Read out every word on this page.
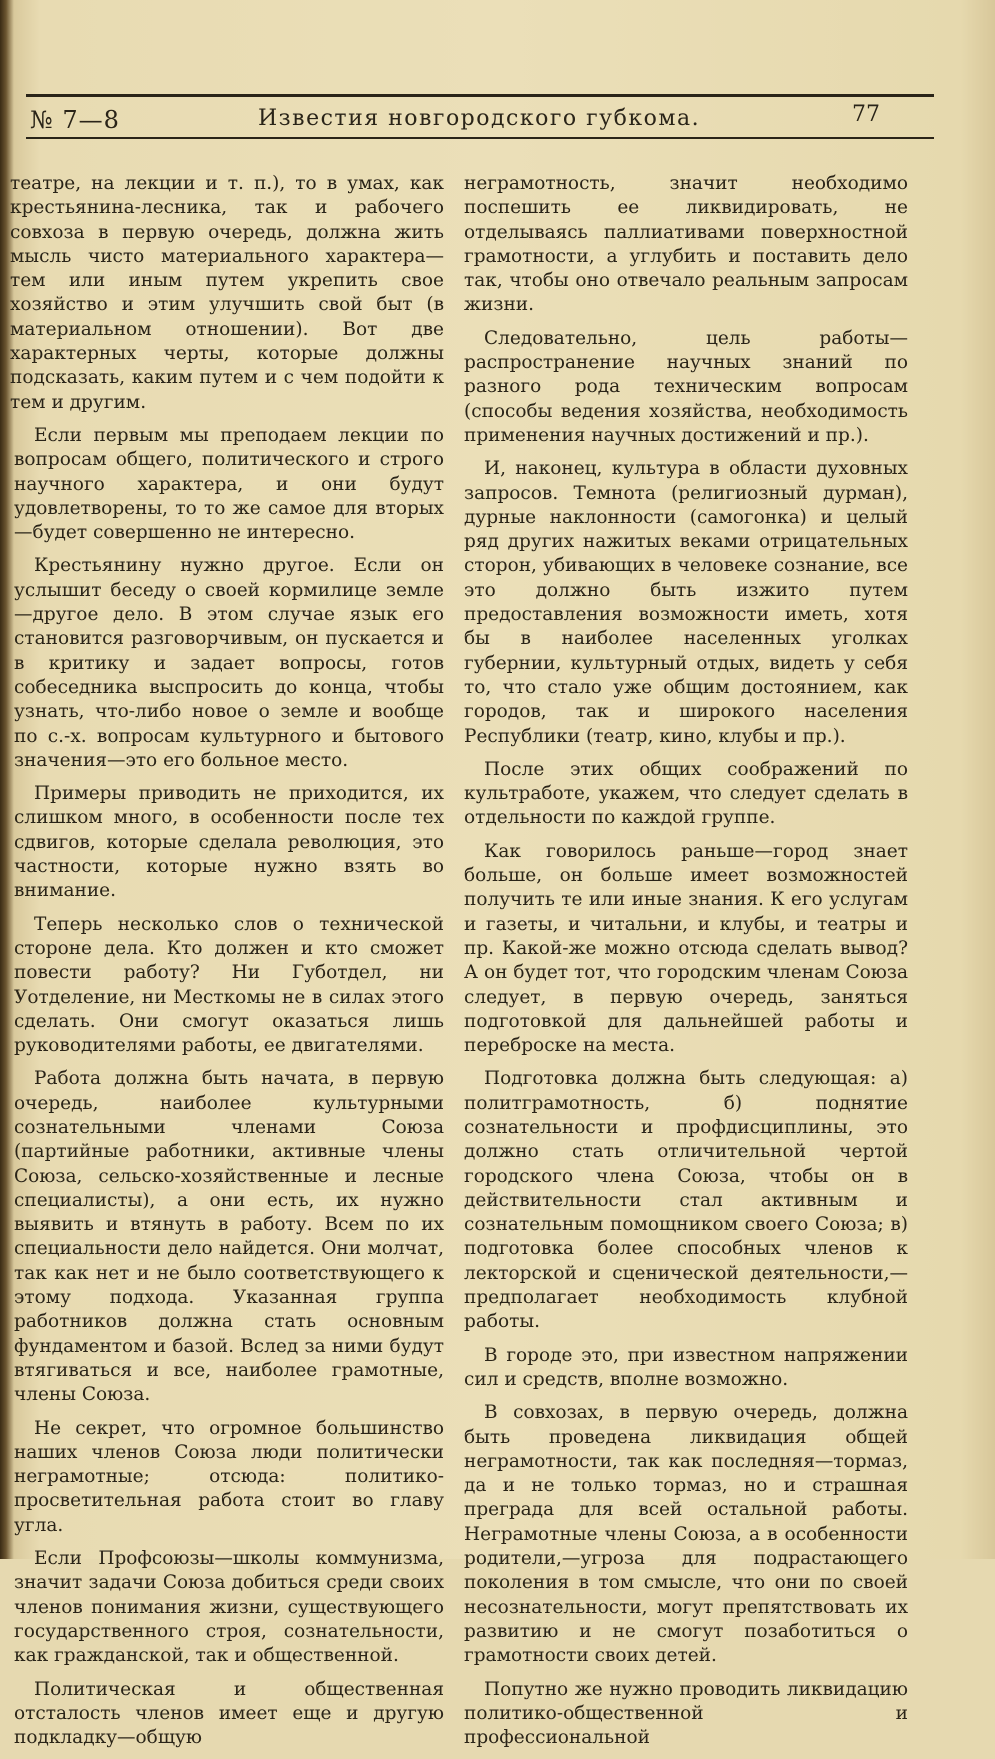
№ 7—8	Известия новгородского губкома.	77

театре, на лекции и т. п.), то в умах, как крестьянина-лесника, так и рабочего совхоза в первую очередь, должна жить мысль чисто материального характера—тем или иным путем укрепить свое хозяйство и этим улучшить свой быт (в материальном отношении). Вот две характерных черты, которые должны подсказать, каким путем и с чем подойти к тем и другим.

Если первым мы преподаем лекции по вопросам общего, политического и строго научного характера, и они будут удовлетворены, то то же самое для вторых—будет совершенно не интересно.

Крестьянину нужно другое. Если он услышит беседу о своей кормилице земле—другое дело. В этом случае язык его становится разговорчивым, он пускается и в критику и задает вопросы, готов собеседника выспросить до конца, чтобы узнать, что-либо новое о земле и вообще по с.-х. вопросам культурного и бытового значения—это его больное место.

Примеры приводить не приходится, их слишком много, в особенности после тех сдвигов, которые сделала революция, это частности, которые нужно взять во внимание.

Теперь несколько слов о технической стороне дела. Кто должен и кто сможет повести работу? Ни Губотдел, ни Уотделение, ни Месткомы не в силах этого сделать. Они смогут оказаться лишь руководителями работы, ее двигателями.

Работа должна быть начата, в первую очередь, наиболее культурными сознательными членами Союза (партийные работники, активные члены Союза, сельско-хозяйственные и лесные специалисты), а они есть, их нужно выявить и втянуть в работу. Всем по их специальности дело найдется. Они молчат, так как нет и не было соответствующего к этому подхода. Указанная группа работников должна стать основным фундаментом и базой. Вслед за ними будут втягиваться и все, наиболее грамотные, члены Союза.

Не секрет, что огромное большинство наших членов Союза люди политически неграмотные; отсюда: политико-просветительная работа стоит во главу угла.

Если Профсоюзы—школы коммунизма, значит задачи Союза добиться среди своих членов понимания жизни, существующего государственного строя, сознательности, как гражданской, так и общественной.

Политическая и общественная отсталость членов имеет еще и другую подкладку—общую

неграмотность, значит необходимо поспешить ее ликвидировать, не отделываясь паллиативами поверхностной грамотности, а углубить и поставить дело так, чтобы оно отвечало реальным запросам жизни.

Следовательно, цель работы—распространение научных знаний по разного рода техническим вопросам (способы ведения хозяйства, необходимость применения научных достижений и пр.).

И, наконец, культура в области духовных запросов. Темнота (религиозный дурман), дурные наклонности (самогонка) и целый ряд других нажитых веками отрицательных сторон, убивающих в человеке сознание, все это должно быть изжито путем предоставления возможности иметь, хотя бы в наиболее населенных уголках губернии, культурный отдых, видеть у себя то, что стало уже общим достоянием, как городов, так и широкого населения Республики (театр, кино, клубы и пр.).

После этих общих соображений по культработе, укажем, что следует сделать в отдельности по каждой группе.

Как говорилось раньше—город знает больше, он больше имеет возможностей получить те или иные знания. К его услугам и газеты, и читальни, и клубы, и театры и пр. Какой-же можно отсюда сделать вывод? А он будет тот, что городским членам Союза следует, в первую очередь, заняться подготовкой для дальнейшей работы и переброске на места.

Подготовка должна быть следующая: а) политграмотность, б) поднятие сознательности и профдисциплины, это должно стать отличительной чертой городского члена Союза, чтобы он в действительности стал активным и сознательным помощником своего Союза; в) подготовка более способных членов к лекторской и сценической деятельности,—предполагает необходимость клубной работы.

В городе это, при известном напряжении сил и средств, вполне возможно.

В совхозах, в первую очередь, должна быть проведена ликвидация общей неграмотности, так как последняя—тормаз, да и не только тормаз, но и страшная преграда для всей остальной работы. Неграмотные члены Союза, а в особенности родители,—угроза для подрастающего поколения в том смысле, что они по своей несознательности, могут препятствовать их развитию и не смогут позаботиться о грамотности своих детей.

Попутно же нужно проводить ликвидацию политико-общественной и профессиональной
